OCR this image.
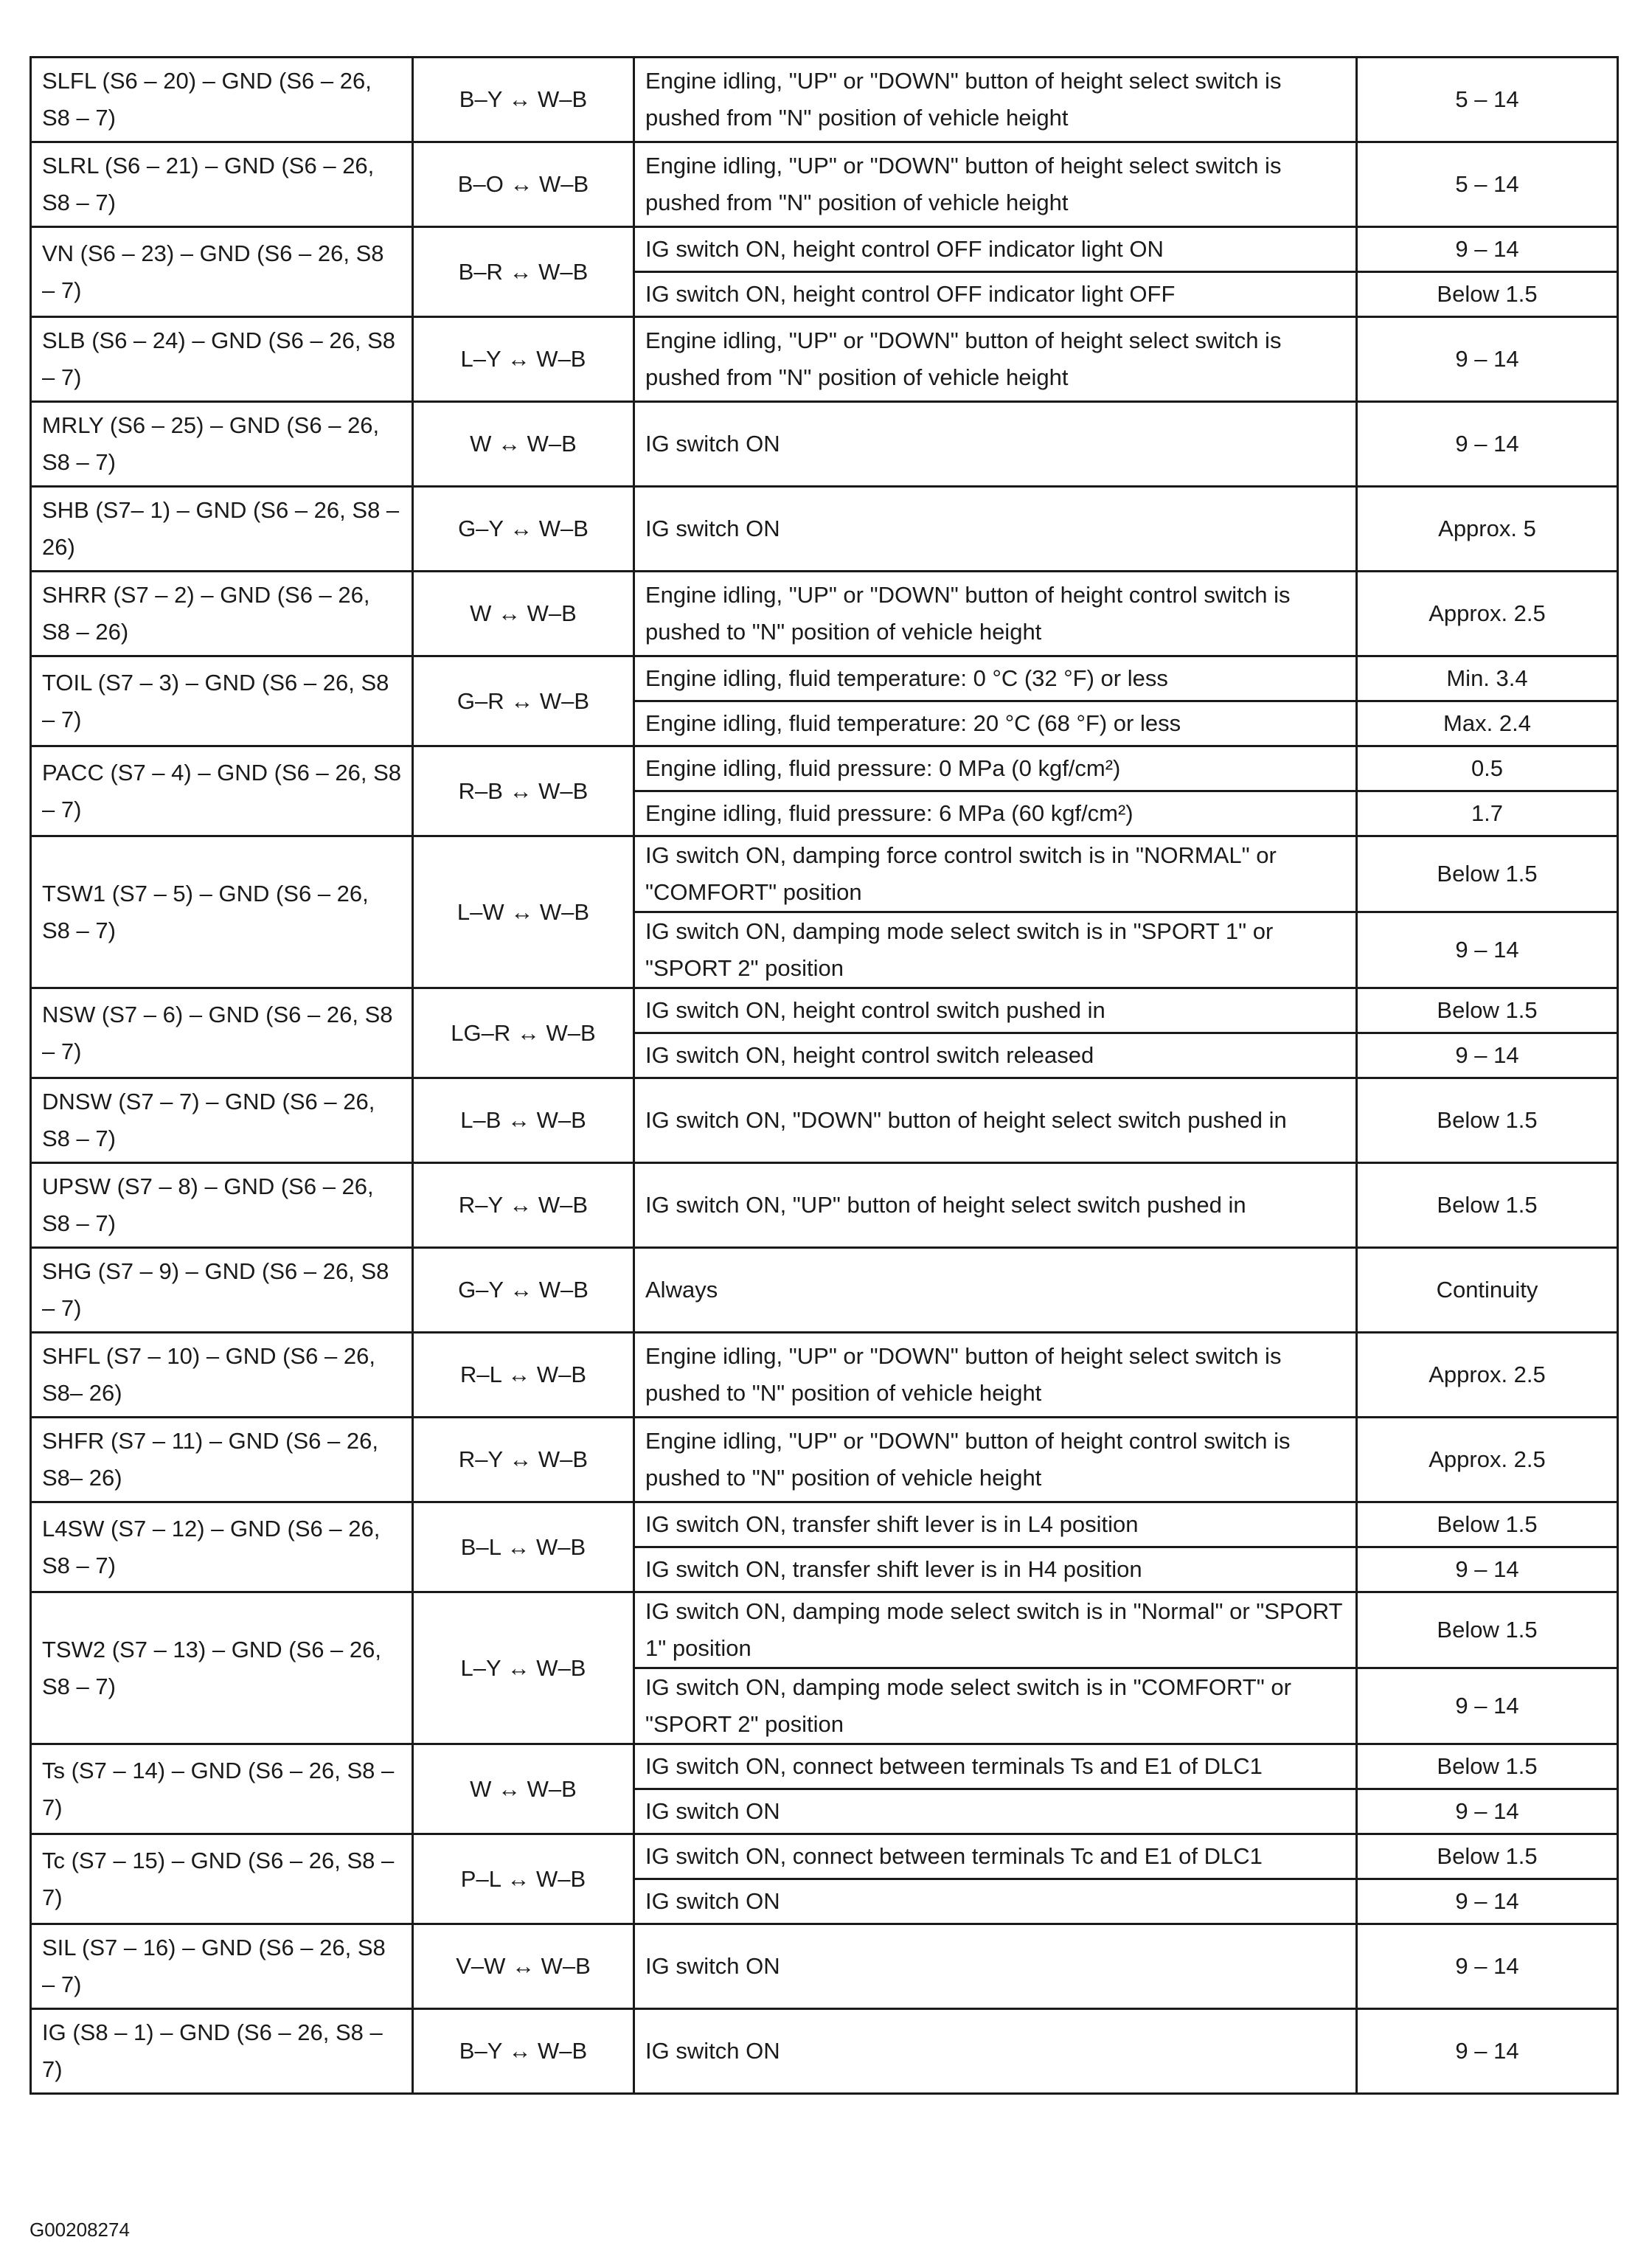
SLFL (S6 – 20) – GND (S6 – 26, S8 – 7)	B–Y ↔ W–B	Engine idling, "UP" or "DOWN" button of height select switch is pushed from "N" position of vehicle height	5 – 14
SLRL (S6 – 21) – GND (S6 – 26, S8 – 7)	B–O ↔ W–B	Engine idling, "UP" or "DOWN" button of height select switch is pushed from "N" position of vehicle height	5 – 14
VN (S6 – 23) – GND (S6 – 26, S8 – 7)	B–R ↔ W–B	IG switch ON, height control OFF indicator light ON	9 – 14
		IG switch ON, height control OFF indicator light OFF	Below 1.5
SLB (S6 – 24) – GND (S6 – 26, S8 – 7)	L–Y ↔ W–B	Engine idling, "UP" or "DOWN" button of height select switch is pushed from "N" position of vehicle height	9 – 14
MRLY (S6 – 25) – GND (S6 – 26, S8 – 7)	W ↔ W–B	IG switch ON	9 – 14
SHB (S7– 1) – GND (S6 – 26, S8 – 26)	G–Y ↔ W–B	IG switch ON	Approx. 5
SHRR (S7 – 2) – GND (S6 – 26, S8 – 26)	W ↔ W–B	Engine idling, "UP" or "DOWN" button of height control switch is pushed to "N" position of vehicle height	Approx. 2.5
TOIL (S7 – 3) – GND (S6 – 26, S8 – 7)	G–R ↔ W–B	Engine idling, fluid temperature: 0 °C (32 °F) or less	Min. 3.4
		Engine idling, fluid temperature: 20 °C (68 °F) or less	Max. 2.4
PACC (S7 – 4) – GND (S6 – 26, S8 – 7)	R–B ↔ W–B	Engine idling, fluid pressure: 0 MPa (0 kgf/cm²)	0.5
		Engine idling, fluid pressure: 6 MPa (60 kgf/cm²)	1.7
TSW1 (S7 – 5) – GND (S6 – 26, S8 – 7)	L–W ↔ W–B	IG switch ON, damping force control switch is in "NORMAL" or "COMFORT" position	Below 1.5
		IG switch ON, damping mode select switch is in "SPORT 1" or "SPORT 2" position	9 – 14
NSW (S7 – 6) – GND (S6 – 26, S8 – 7)	LG–R ↔ W–B	IG switch ON, height control switch pushed in	Below 1.5
		IG switch ON, height control switch released	9 – 14
DNSW (S7 – 7) – GND (S6 – 26, S8 – 7)	L–B ↔ W–B	IG switch ON, "DOWN" button of height select switch pushed in	Below 1.5
UPSW (S7 – 8) – GND (S6 – 26, S8 – 7)	R–Y ↔ W–B	IG switch ON, "UP" button of height select switch pushed in	Below 1.5
SHG (S7 – 9) – GND (S6 – 26, S8 – 7)	G–Y ↔ W–B	Always	Continuity
SHFL (S7 – 10) – GND (S6 – 26, S8– 26)	R–L ↔ W–B	Engine idling, "UP" or "DOWN" button of height select switch is pushed to "N" position of vehicle height	Approx. 2.5
SHFR (S7 – 11) – GND (S6 – 26, S8– 26)	R–Y ↔ W–B	Engine idling, "UP" or "DOWN" button of height control switch is pushed to "N" position of vehicle height	Approx. 2.5
L4SW (S7 – 12) – GND (S6 – 26, S8 – 7)	B–L ↔ W–B	IG switch ON, transfer shift lever is in L4 position	Below 1.5
		IG switch ON, transfer shift lever is in H4 position	9 – 14
TSW2 (S7 – 13) – GND (S6 – 26, S8 – 7)	L–Y ↔ W–B	IG switch ON, damping mode select switch is in "Normal" or "SPORT 1" position	Below 1.5
		IG switch ON, damping mode select switch is in "COMFORT" or "SPORT 2" position	9 – 14
Ts (S7 – 14) – GND (S6 – 26, S8 – 7)	W ↔ W–B	IG switch ON, connect between terminals Ts and E1 of DLC1	Below 1.5
		IG switch ON	9 – 14
Tc (S7 – 15) – GND (S6 – 26, S8 – 7)	P–L ↔ W–B	IG switch ON, connect between terminals Tc and E1 of DLC1	Below 1.5
		IG switch ON	9 – 14
SIL (S7 – 16) – GND (S6 – 26, S8 – 7)	V–W ↔ W–B	IG switch ON	9 – 14
IG (S8 – 1) – GND (S6 – 26, S8 – 7)	B–Y ↔ W–B	IG switch ON	9 – 14
G00208274
